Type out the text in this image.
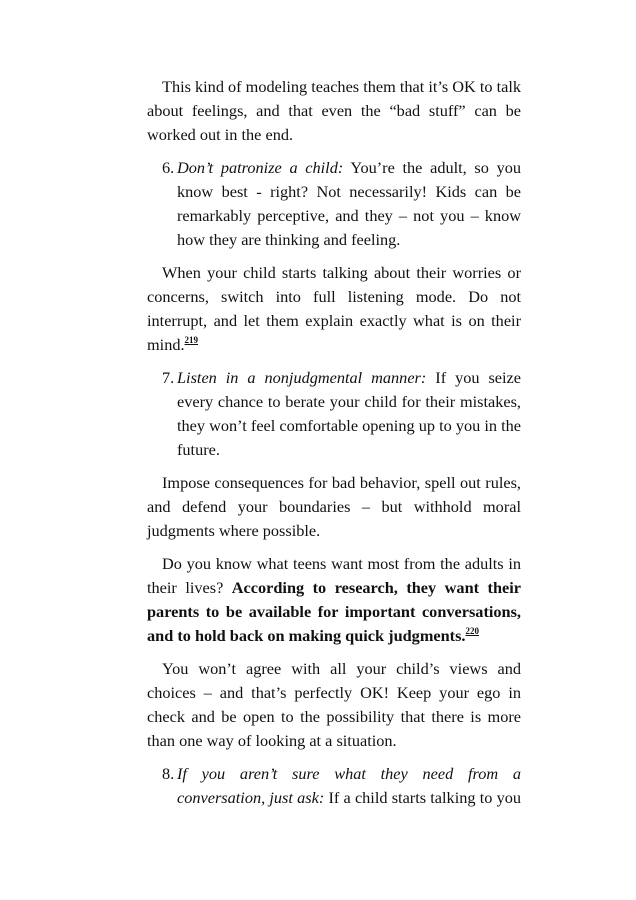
This kind of modeling teaches them that it’s OK to talk
about feelings, and that even the “bad stuff” can be
worked out in the end.
6. Don’t patronize a child: You’re the adult, so you
know best - right? Not necessarily! Kids can be
remarkably perceptive, and they – not you – know
how they are thinking and feeling.
When your child starts talking about their worries or
concerns, switch into full listening mode. Do not
interrupt, and let them explain exactly what is on their
mind.$^{219}$
7. Listen in a nonjudgmental manner: If you seize
every chance to berate your child for their mistakes,
they won’t feel comfortable opening up to you in the
future.
Impose consequences for bad behavior, spell out rules,
and defend your boundaries – but withhold moral
judgments where possible.
Do you know what teens want most from the adults in
their lives? According to research, they want their
parents to be available for important conversations,
and to hold back on making quick judgments.$^{220}$
You won’t agree with all your child’s views and
choices – and that’s perfectly OK! Keep your ego in
check and be open to the possibility that there is more
than one way of looking at a situation.
8. If you aren’t sure what they need from a
conversation, just ask: If a child starts talking to you
